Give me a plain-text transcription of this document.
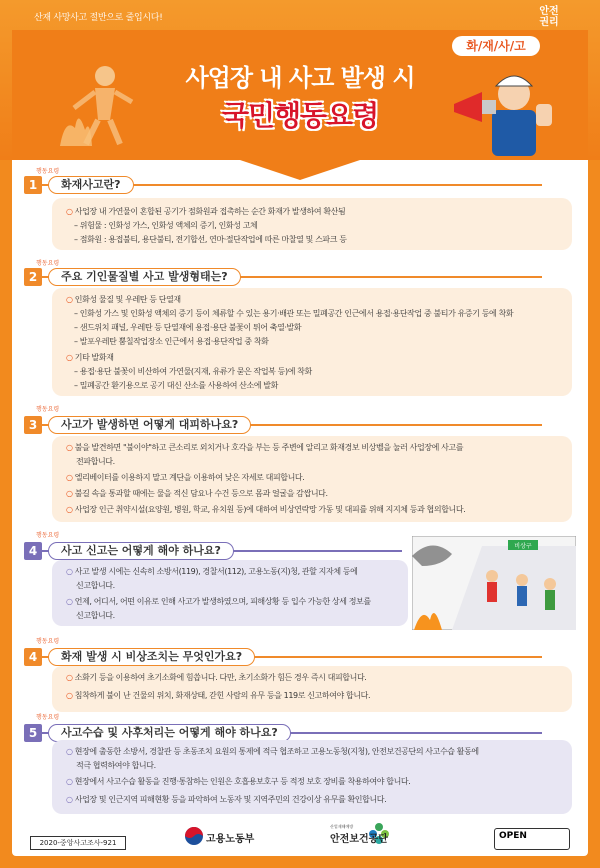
산재 사망사고 절반으로 줄입시다!
안전
권리
화/재/사/고
사업장 내 사고 발생 시
국민행동요령
행동요령
1	화재사고란?
○ 사업장 내 가연물이 혼합된 공기가 점화원과 접촉하는 순간 화재가 발생하여 확산됨
– 위험물 : 인화성 가스, 인화성 액체의 증기, 인화성 고체
– 점화원 : 용접불티, 용단불티, 전기합선, 연마·절단작업에 따른 마찰열 및 스파크 등
행동요령
2	주요 기인물질별 사고 발생형태는?
○ 인화성 물질 및 우레탄 등 단열재
– 인화성 가스 및 인화성 액체의 증기 등이 체류할 수 있는 용기·배관 또는 밀폐공간 인근에서 용접·용단작업 중 불티가 유증기 등에 착화
– 샌드위치 패널, 우레탄 등 단열재에 용접·용단 불꽃이 튀어 축열·발화
– 발포우레탄 뿜칠작업장소 인근에서 용접·용단작업 중 착화
○ 기타 발화재
– 용접·용단 불꽃이 비산하여 가연물(지재, 유류가 묻은 작업복 등)에 착화
– 밀폐공간 환기용으로 공기 대신 산소를 사용하여 산소에 발화
행동요령
3	사고가 발생하면 어떻게 대피하나요?
○ 불을 발견하면 "불이야"하고 큰소리로 외치거나 호각을 부는 등 주변에 알리고 화재경보 비상벨을 눌러 사업장에 사고를
전파합니다.
○ 엘리베이터를 이용하지 말고 계단을 이용하여 낮은 자세로 대피합니다.
○ 불길 속을 통과할 때에는 물을 적신 담요나 수건 등으로 몸과 얼굴을 감쌉니다.
○ 사업장 인근 취약시설(요양원, 병원, 학교, 유치원 등)에 대하여 비상연락망 가동 및 대피를 위해 지지체 등과 협의합니다.
행동요령
4	사고 신고는 어떻게 해야 하나요?
○ 사고 발생 시에는 신속히 소방서(119), 경찰서(112), 고용노동(지)청, 관할 지자체 등에
신고합니다.
○ 언제, 어디서, 어떤 이유로 인해 사고가 발생하였으며, 피해상황 등 입수 가능한 상세 정보를
신고합니다.
비상구
행동요령
4	화재 발생 시 비상조치는 무엇인가요?
○ 소화기 등을 이용하여 초기소화에 힘씁니다. 다만, 초기소화가 힘든 경우 즉시 대피합니다.
○ 침착하게 불이 난 건물의 위치, 화재상태, 갇힌 사람의 유무 등을 119로 신고하여야 합니다.
행동요령
5	사고수습 및 사후처리는 어떻게 해야 하나요?
○ 현장에 출동한 소방서, 경찰관 등 초동조치 요원의 통제에 적극 협조하고 고용노동청(지청), 안전보건공단의 사고수습 활동에
적극 협력하여야 합니다.
○ 현장에서 사고수습 활동을 진행·통참하는 인원은 호흡용보호구 등 적정 보호 장비를 착용하여야 합니다.
○ 사업장 및 인근지역 피해현황 등을 파악하여 노동자 및 지역주민의 건강이상 유무를 확인합니다.
2020-중앙사고조사-921	고용노동부
산업재해예방
안전보건공단	OPEN
